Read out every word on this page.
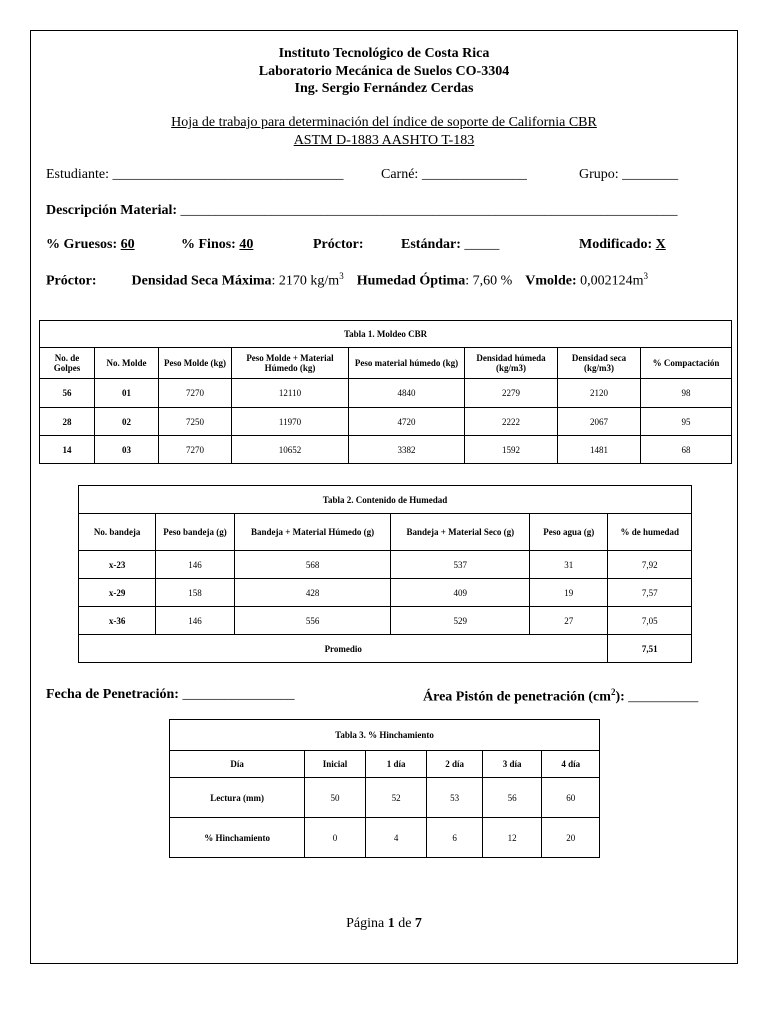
Instituto Tecnológico de Costa Rica
Laboratorio Mecánica de Suelos CO-3304
Ing. Sergio Fernández Cerdas
Hoja de trabajo para determinación del índice de soporte de California CBR
ASTM D-1883 AASHTO T-183
Estudiante: _________________________________	Carné: _______________	Grupo: ________
Descripción Material: _______________________________________________________________________
% Gruesos: 60	% Finos: 40	Próctor:	Estándar: _____	Modificado: X
Próctor:	Densidad Seca Máxima: 2170 $kg/m^3$ Humedad Óptima: 7,60 % Vmolde: $0,002124m^3$
Tabla 1. Moldeo CBR							
No. de Golpes	No. Molde	Peso Molde (kg)	Peso Molde + Material Húmedo (kg)	Peso material húmedo (kg)	Densidad húmeda (kg/m3)	Densidad seca (kg/m3)	% Compactación
56	01	7270	12110	4840	2279	2120	98
28	02	7250	11970	4720	2222	2067	95
14	03	7270	10652	3382	1592	1481	68
Tabla 2. Contenido de Humedad					
No. bandeja	Peso bandeja (g)	Bandeja + Material Húmedo (g)	Bandeja + Material Seco (g)	Peso agua (g)	% de humedad
x-23	146	568	537	31	7,92
x-29	158	428	409	19	7,57
x-36	146	556	529	27	7,05
Promedio					7,51
Fecha de Penetración: ________________	Área Pistón de penetración $(cm^2)$: __________
Tabla 3. % Hinchamiento					
Día	Inicial	1 día	2 día	3 día	4 día
Lectura (mm)	50	52	53	56	60
% Hinchamiento	0	4	6	12	20
Página 1 de 7
